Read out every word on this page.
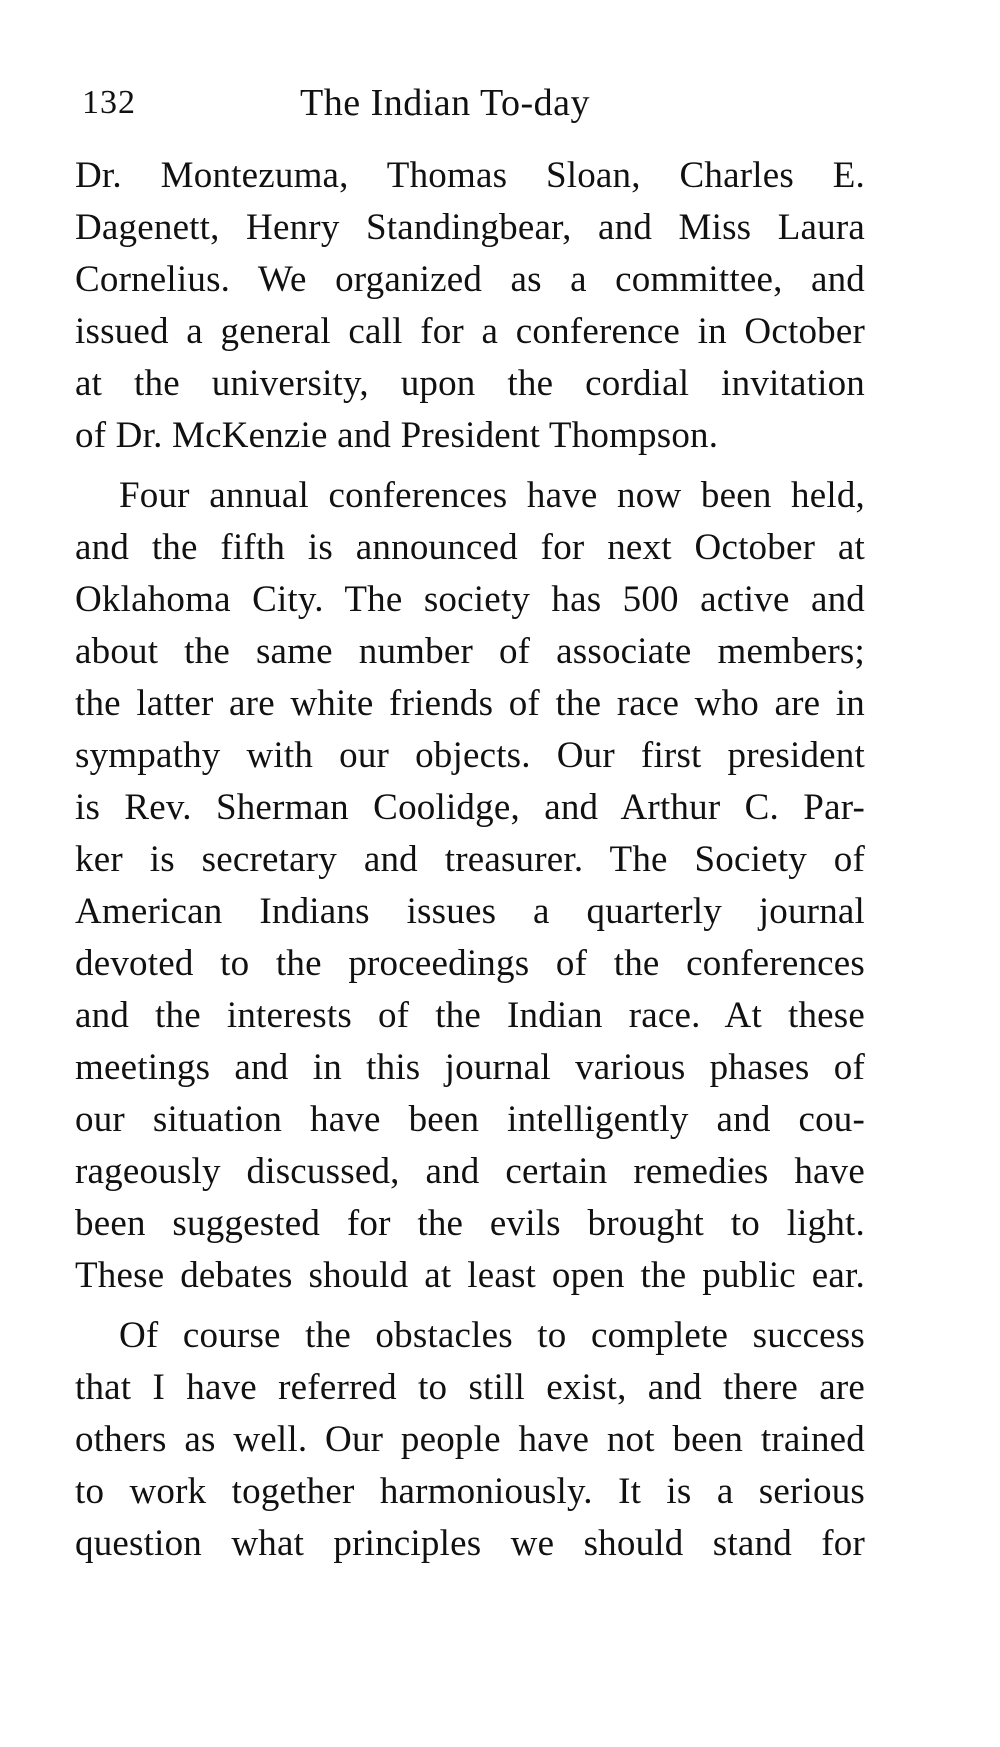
132	The Indian To-day
Dr. Montezuma, Thomas Sloan, Charles E.
Dagenett, Henry Standingbear, and Miss Laura
Cornelius. We organized as a committee, and
issued a general call for a conference in October
at the university, upon the cordial invitation
of Dr. McKenzie and President Thompson.
Four annual conferences have now been held,
and the fifth is announced for next October at
Oklahoma City. The society has 500 active and
about the same number of associate members;
the latter are white friends of the race who are in
sympathy with our objects. Our first president
is Rev. Sherman Coolidge, and Arthur C. Par-
ker is secretary and treasurer. The Society of
American Indians issues a quarterly journal
devoted to the proceedings of the conferences
and the interests of the Indian race. At these
meetings and in this journal various phases of
our situation have been intelligently and cou-
rageously discussed, and certain remedies have
been suggested for the evils brought to light.
These debates should at least open the public ear.
Of course the obstacles to complete success
that I have referred to still exist, and there are
others as well. Our people have not been trained
to work together harmoniously. It is a serious
question what principles we should stand for
